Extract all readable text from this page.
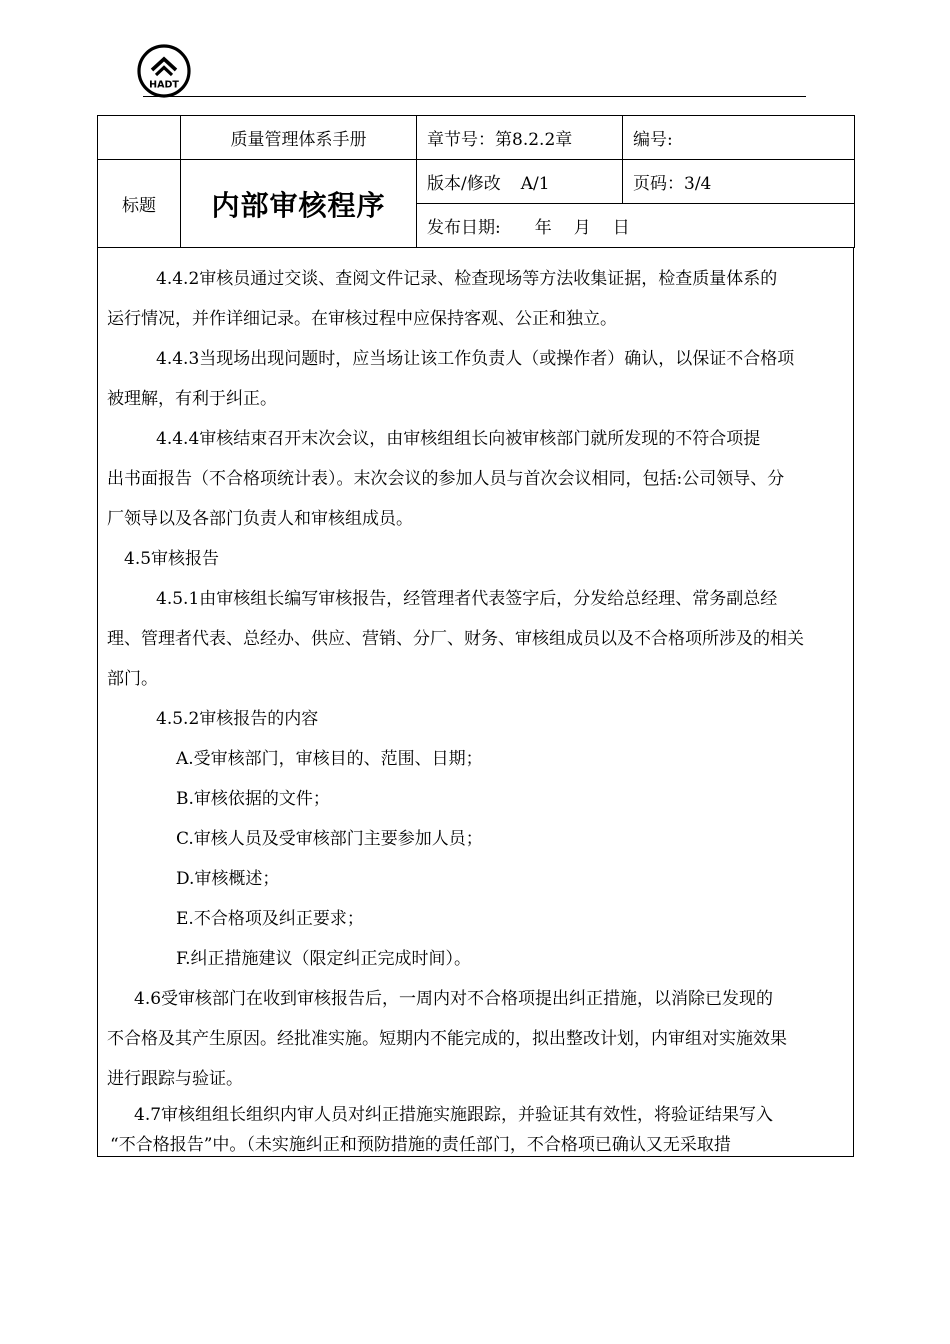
HADT
	质量管理体系手册	章节号：第8.2.2章	编号:
标题	内部审核程序	版本/修改 A/1	页码：3/4
		发布日期: 年 月 日	

4.4.2审核员通过交谈、查阅文件记录、检查现场等方法收集证据，检查质量体系的

运行情况，并作详细记录。在审核过程中应保持客观、公正和独立。

4.4.3当现场出现问题时，应当场让该工作负责人（或操作者）确认，以保证不合格项

被理解，有利于纠正。

4.4.4审核结束召开末次会议，由审核组组长向被审核部门就所发现的不符合项提

出书面报告（不合格项统计表）。末次会议的参加人员与首次会议相同，包括:公司领导、分

厂领导以及各部门负责人和审核组成员。

4.5审核报告

4.5.1由审核组长编写审核报告，经管理者代表签字后，分发给总经理、常务副总经

理、管理者代表、总经办、供应、营销、分厂、财务、审核组成员以及不合格项所涉及的相关

部门。

4.5.2审核报告的内容

A.受审核部门，审核目的、范围、日期；

B.审核依据的文件；

C.审核人员及受审核部门主要参加人员；

D.审核概述；

E.不合格项及纠正要求；

F.纠正措施建议（限定纠正完成时间）。

4.6受审核部门在收到审核报告后，一周内对不合格项提出纠正措施，以消除已发现的

不合格及其产生原因。经批准实施。短期内不能完成的，拟出整改计划，内审组对实施效果

进行跟踪与验证。

4.7审核组组长组织内审人员对纠正措施实施跟踪，并验证其有效性，将验证结果写入

“不合格报告”中。（未实施纠正和预防措施的责任部门，不合格项已确认又无采取措
